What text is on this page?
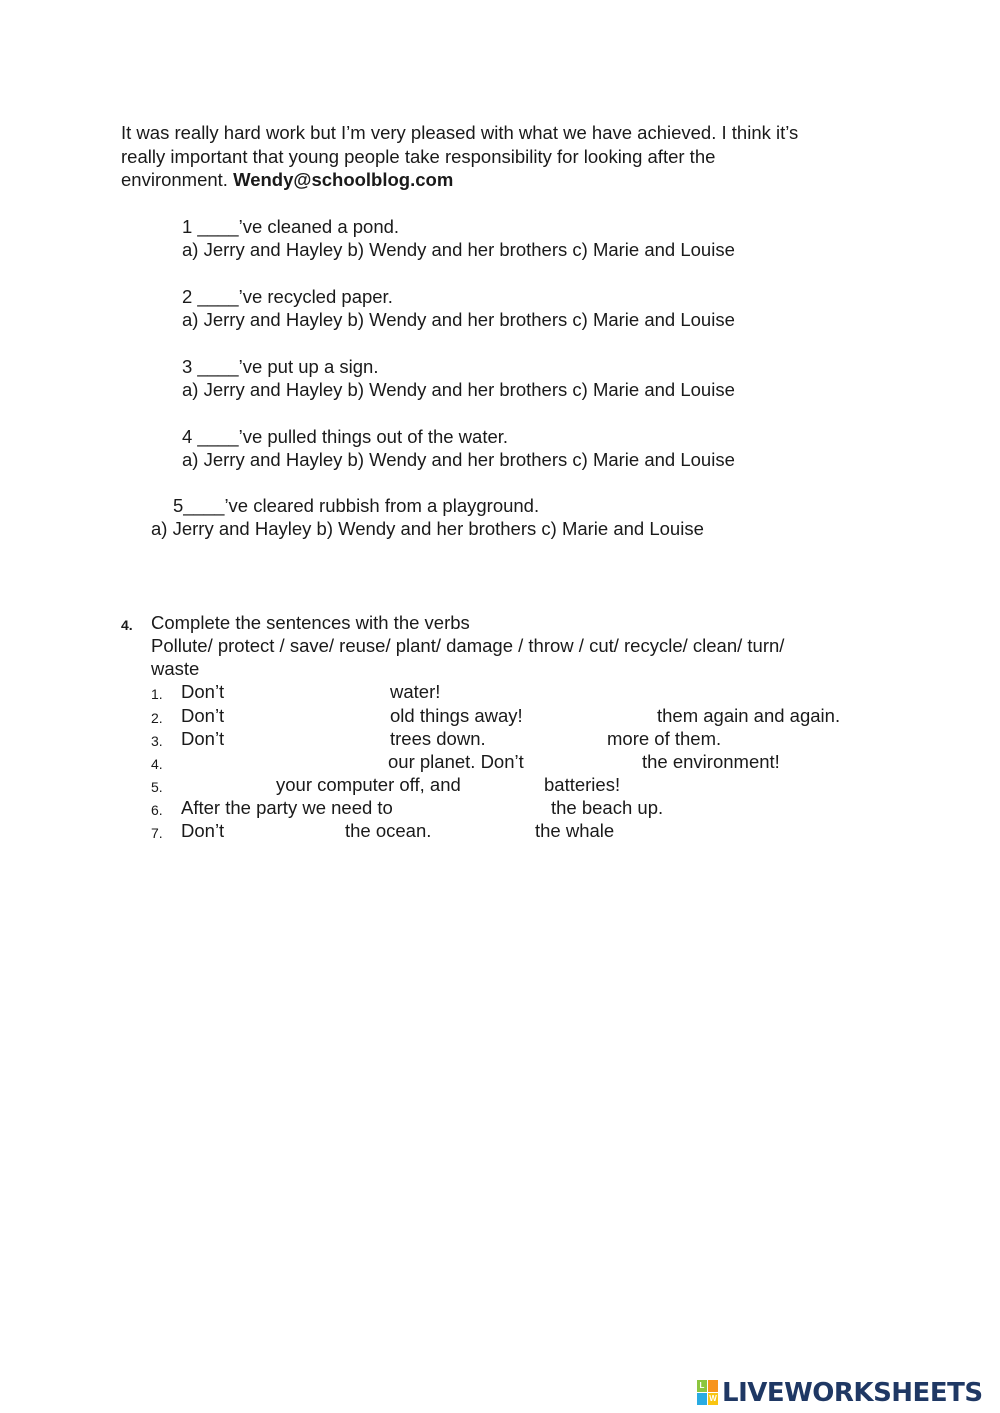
It was really hard work but I’m very pleased with what we have achieved. I think it’s
really important that young people take responsibility for looking after the
environment. Wendy@schoolblog.com
1 ____’ve cleaned a pond.
a) Jerry and Hayley b) Wendy and her brothers c) Marie and Louise
2 ____’ve recycled paper.
a) Jerry and Hayley b) Wendy and her brothers c) Marie and Louise
3 ____’ve put up a sign.
a) Jerry and Hayley b) Wendy and her brothers c) Marie and Louise
4 ____’ve pulled things out of the water.
a) Jerry and Hayley b) Wendy and her brothers c) Marie and Louise
5____’ve cleared rubbish from a playground.
a) Jerry and Hayley b) Wendy and her brothers c) Marie and Louise
4. Complete the sentences with the verbs
Pollute/ protect / save/ reuse/ plant/ damage / throw / cut/ recycle/ clean/ turn/
waste
1. Don’t	water!
2. Don’t	old things away!	them again and again.
3. Don’t	trees down.	more of them.
4.	our planet. Don’t	the environment!
5.	your computer off, and	batteries!
6. After the party we need to	the beach up.
7. Don’t	the ocean.	the whale
L
W LIVEWORKSHEETS
